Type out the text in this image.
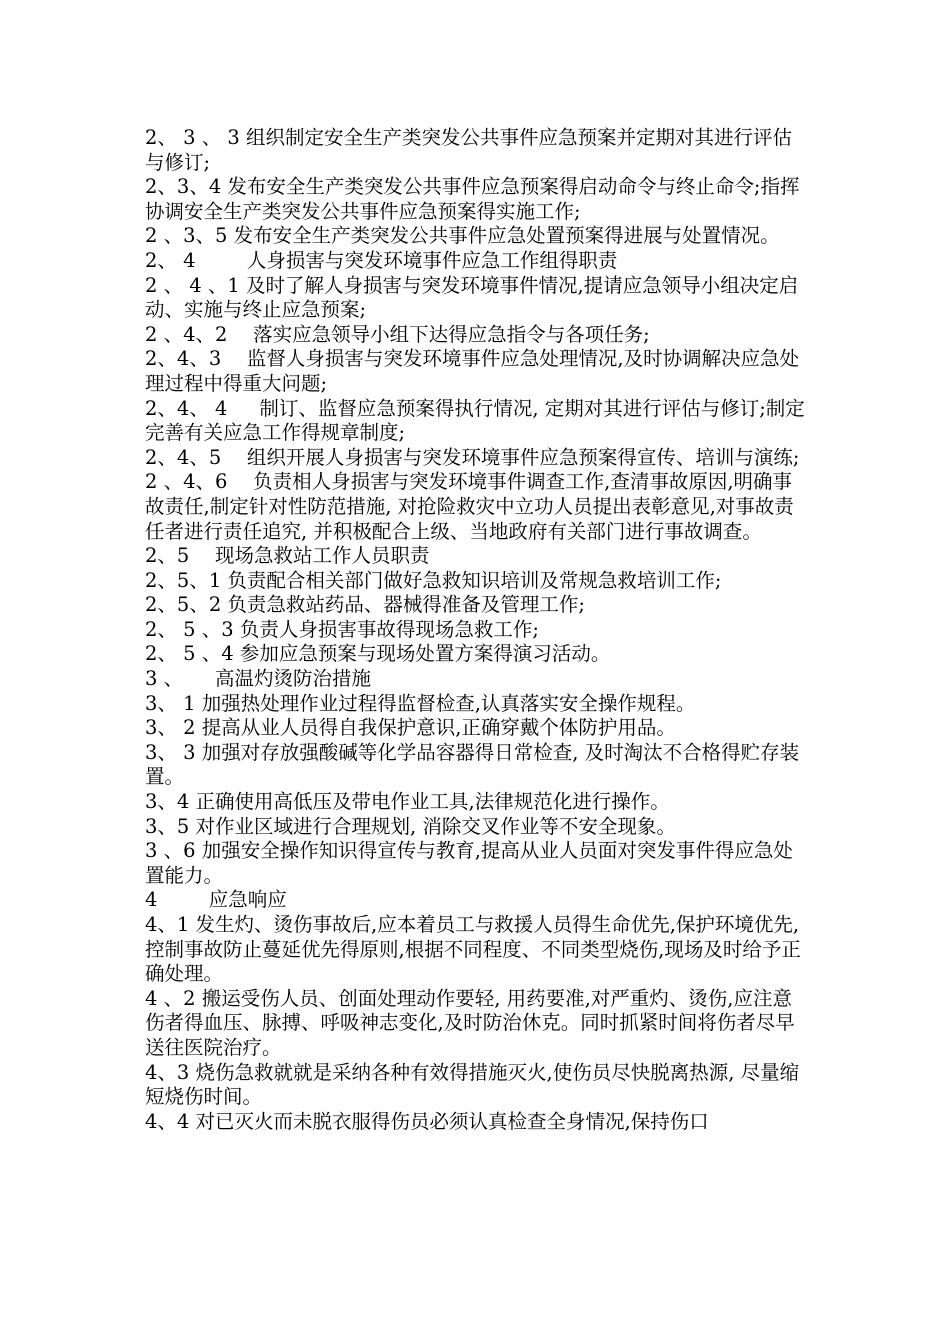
2、 3 、 3 组织制定安全生产类突发公共事件应急预案并定期对其进行评估与修订;

2、3、4 发布安全生产类突发公共事件应急预案得启动命令与终止命令;指挥协调安全生产类突发公共事件应急预案得实施工作;

2 、3、5 发布安全生产类突发公共事件应急处置预案得进展与处置情况。

2、 4 　　 人身损害与突发环境事件应急工作组得职责

2 、 4 、1 及时了解人身损害与突发环境事件情况,提请应急领导小组决定启动、实施与终止应急预案;

2 、4、2 　落实应急领导小组下达得应急指令与各项任务;

2、4、3 　监督人身损害与突发环境事件应急处理情况,及时协调解决应急处理过程中得重大问题;

2、4、 4 　 制订、监督应急预案得执行情况, 定期对其进行评估与修订;制定完善有关应急工作得规章制度;

2、4、5 　组织开展人身损害与突发环境事件应急预案得宣传、培训与演练;

2 、4、6 　负责相人身损害与突发环境事件调查工作,查清事故原因,明确事故责任,制定针对性防范措施, 对抢险救灾中立功人员提出表彰意见,对事故责任者进行责任追究, 并积极配合上级、当地政府有关部门进行事故调查。

2、5 　现场急救站工作人员职责

2、5、1 负责配合相关部门做好急救知识培训及常规急救培训工作;

2、5、2 负责急救站药品、器械得准备及管理工作;

2、 5 、3 负责人身损害事故得现场急救工作;

2、 5 、4 参加应急预案与现场处置方案得演习活动。

3 、 　 高温灼烫防治措施

3、 1 加强热处理作业过程得监督检查,认真落实安全操作规程。

3、 2 提高从业人员得自我保护意识,正确穿戴个体防护用品。

3、 3 加强对存放强酸碱等化学品容器得日常检查, 及时淘汰不合格得贮存装置。

3、4 正确使用高低压及带电作业工具,法律规范化进行操作。

3、5 对作业区域进行合理规划, 消除交叉作业等不安全现象。

3 、6 加强安全操作知识得宣传与教育,提高从业人员面对突发事件得应急处置能力。

4 　　 应急响应

4、1 发生灼、烫伤事故后,应本着员工与救援人员得生命优先,保护环境优先,控制事故防止蔓延优先得原则,根据不同程度、不同类型烧伤,现场及时给予正确处理。

4 、2 搬运受伤人员、创面处理动作要轻, 用药要准,对严重灼、烫伤,应注意伤者得血压、脉搏、呼吸神志变化,及时防治休克。同时抓紧时间将伤者尽早送往医院治疗。

4、3 烧伤急救就就是采纳各种有效得措施灭火,使伤员尽快脱离热源, 尽量缩短烧伤时间。

4、4 对已灭火而未脱衣服得伤员必须认真检查全身情况,保持伤口
